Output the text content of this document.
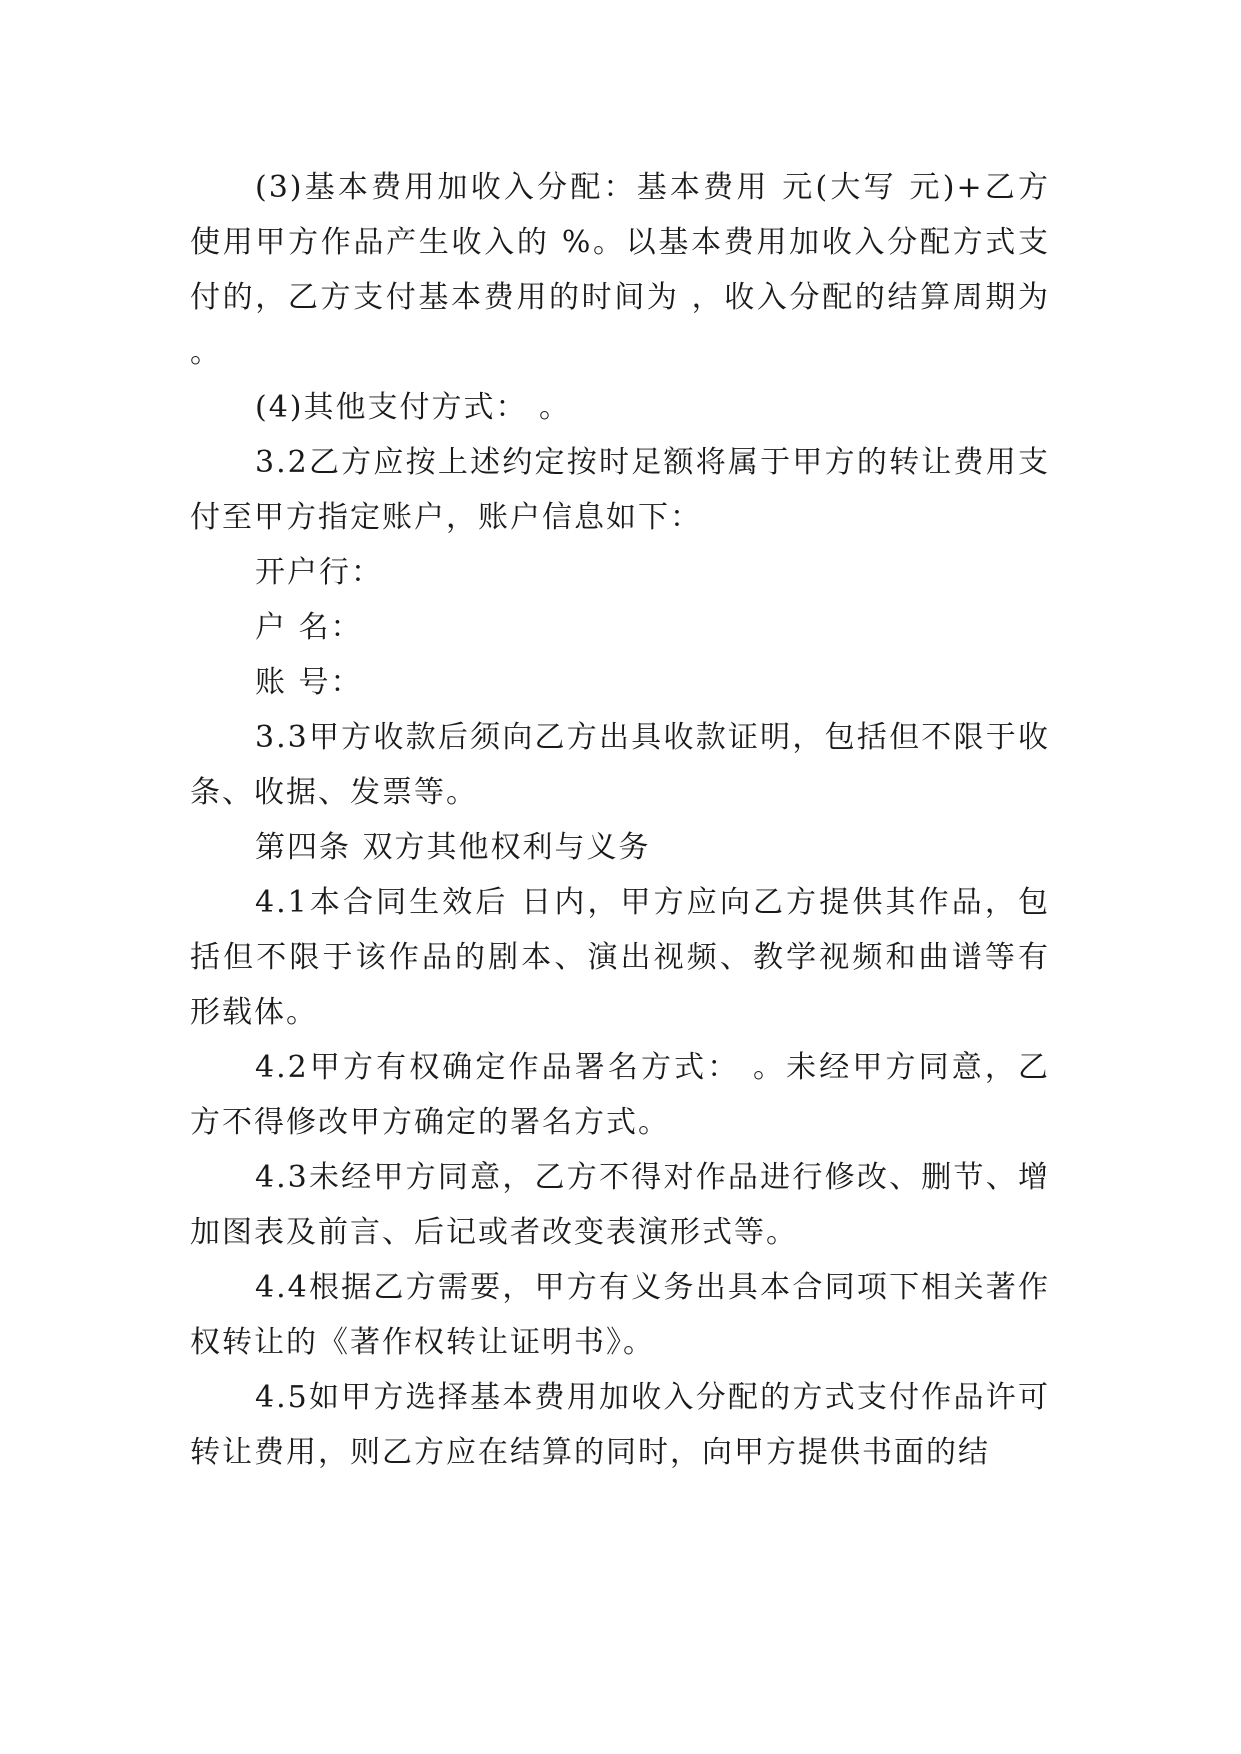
(3)基本费用加收入分配：基本费用 元(大写 元)+乙方使用甲方作品产生收入的 %。以基本费用加收入分配方式支付的，乙方支付基本费用的时间为 ，收入分配的结算周期为 。

(4)其他支付方式： 。

3.2乙方应按上述约定按时足额将属于甲方的转让费用支付至甲方指定账户，账户信息如下：

开户行：

户 名：

账 号：

3.3甲方收款后须向乙方出具收款证明，包括但不限于收条、收据、发票等。

第四条 双方其他权利与义务

4.1本合同生效后 日内，甲方应向乙方提供其作品，包括但不限于该作品的剧本、演出视频、教学视频和曲谱等有形载体。

4.2甲方有权确定作品署名方式： 。未经甲方同意，乙方不得修改甲方确定的署名方式。

4.3未经甲方同意，乙方不得对作品进行修改、删节、增加图表及前言、后记或者改变表演形式等。

4.4根据乙方需要，甲方有义务出具本合同项下相关著作权转让的《著作权转让证明书》。

4.5如甲方选择基本费用加收入分配的方式支付作品许可转让费用，则乙方应在结算的同时，向甲方提供书面的结
